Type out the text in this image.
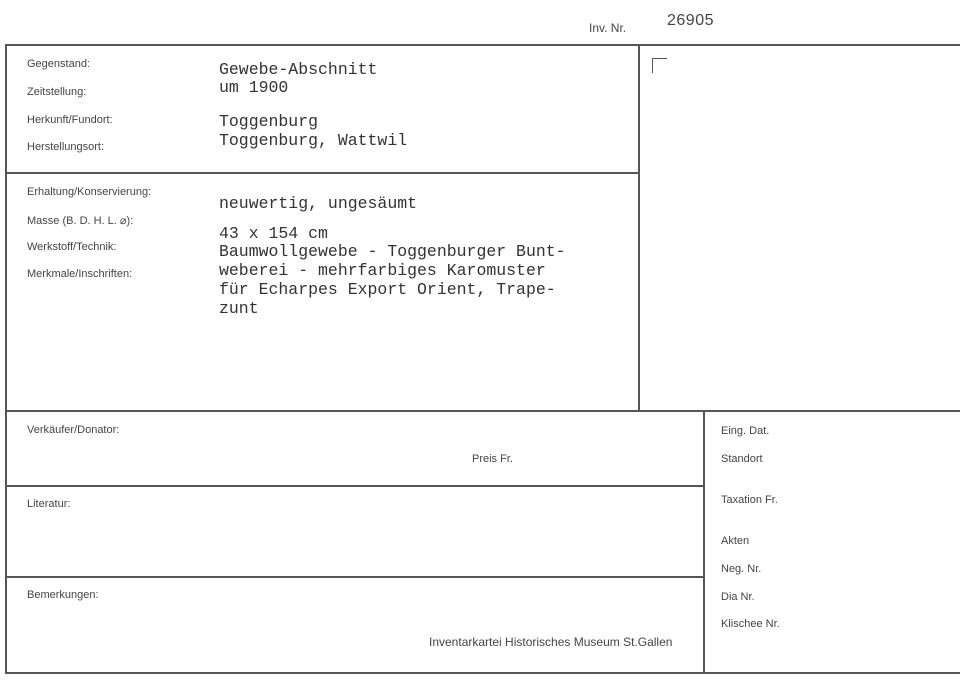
Inv. Nr.	26905
Gegenstand:
Zeitstellung:
Herkunft/Fundort:
Herstellungsort:
Gewebe-Abschnitt
um 1900
Toggenburg
Toggenburg, Wattwil
Erhaltung/Konservierung:
Masse (B. D. H. L. ⌀):
Werkstoff/Technik:
Merkmale/Inschriften:
neuwertig, ungesäumt
43 x 154 cm
Baumwollgewebe - Toggenburger Bunt-
weberei - mehrfarbiges Karomuster
für Echarpes Export Orient, Trape-
zunt
Verkäufer/Donator:
Preis Fr.
Literatur:
Bemerkungen:
Inventarkartei Historisches Museum St.Gallen
Eing. Dat.
Standort
Taxation Fr.
Akten
Neg. Nr.
Dia Nr.
Klischee Nr.
